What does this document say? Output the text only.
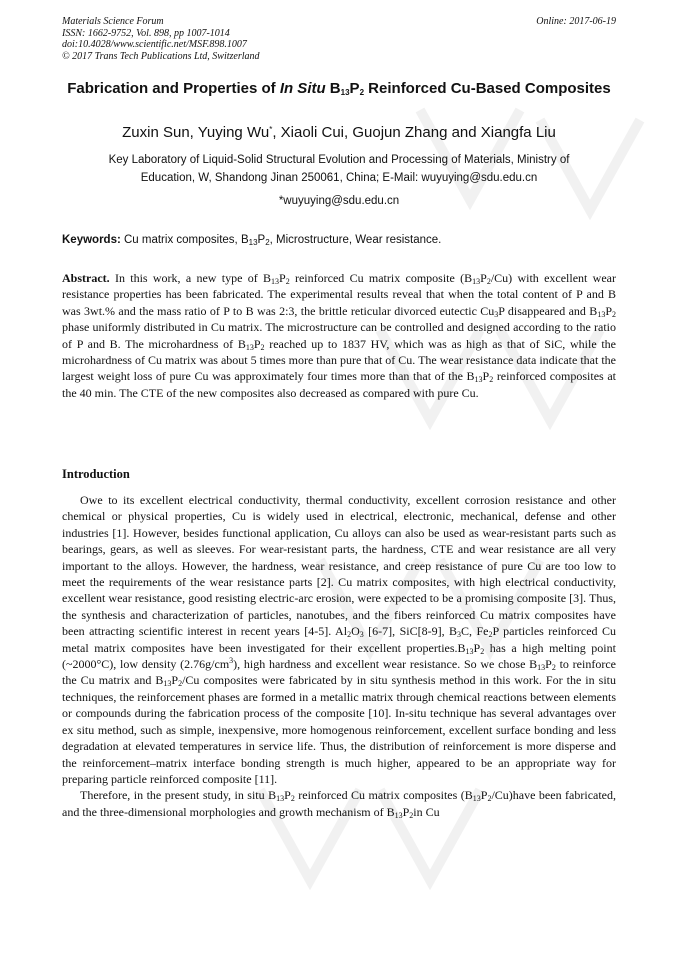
Materials Science Forum
ISSN: 1662-9752, Vol. 898, pp 1007-1014
doi:10.4028/www.scientific.net/MSF.898.1007
© 2017 Trans Tech Publications Ltd, Switzerland
Online: 2017-06-19
Fabrication and Properties of In Situ $B_{13}P_2$ Reinforced Cu-Based Composites
Zuxin Sun, Yuying Wu*, Xiaoli Cui, Guojun Zhang and Xiangfa Liu
Key Laboratory of Liquid-Solid Structural Evolution and Processing of Materials, Ministry of Education, W, Shandong Jinan 250061, China; E-Mail: wuyuying@sdu.edu.cn
*wuyuying@sdu.edu.cn
Keywords: Cu matrix composites, $B_{13}P_2$, Microstructure, Wear resistance.

Abstract. In this work, a new type of $B_{13}P_2$ reinforced Cu matrix composite $(B_{13}P_2/Cu)$ with excellent wear resistance properties has been fabricated. The experimental results reveal that when the total content of P and B was 3wt.% and the mass ratio of P to B was 2:3, the brittle reticular divorced eutectic $Cu_3P$ disappeared and $B_{13}P_2$ phase uniformly distributed in Cu matrix. The microstructure can be controlled and designed according to the ratio of P and B. The microhardness of $B_{13}P_2$ reached up to 1837 HV, which was as high as that of SiC, while the microhardness of Cu matrix was about 5 times more than pure that of Cu. The wear resistance data indicate that the largest weight loss of pure Cu was approximately four times more than that of the $B_{13}P_2$ reinforced composites at the 40 min. The CTE of the new composites also decreased as compared with pure Cu.

Introduction

Owe to its excellent electrical conductivity, thermal conductivity, excellent corrosion resistance and other chemical or physical properties, Cu is widely used in electrical, electronic, mechanical, defense and other industries [1]. However, besides functional application, Cu alloys can also be used as wear-resistant parts such as bearings, gears, as well as sleeves. For wear-resistant parts, the hardness, CTE and wear resistance are all very important to the alloys. However, the hardness, wear resistance, and creep resistance of pure Cu are too low to meet the requirements of the wear resistance parts [2]. Cu matrix composites, with high electrical conductivity, excellent wear resistance, good resisting electric-arc erosion, were expected to be a promising composite [3]. Thus, the synthesis and characterization of particles, nanotubes, and the fibers reinforced Cu matrix composites have been attracting scientific interest in recent years [4-5]. $Al_2O_3$ [6-7], SiC[8-9], $B_3C$, $Fe_2P$ particles reinforced Cu metal matrix composites have been investigated for their excellent $properties.B_{13}P_2$ has a high melting point (~2000°C), low density $(2.76g/cm^3)$, high hardness and excellent wear resistance. So we chose $B_{13}P_2$ to reinforce the Cu matrix and $B_{13}P_2/Cu$ composites were fabricated by in situ synthesis method in this work. For the in situ techniques, the reinforcement phases are formed in a metallic matrix through chemical reactions between elements or compounds during the fabrication process of the composite [10]. In-situ technique has several advantages over ex situ method, such as simple, inexpensive, more homogenous reinforcement, excellent surface bonding and less degradation at elevated temperatures in service life. Thus, the distribution of reinforcement is more disperse and the reinforcement–matrix interface bonding strength is much higher, appeared to be an appropriate way for preparing particle reinforced composite [11].

Therefore, in the present study, in situ $B_{13}P_2$ reinforced Cu matrix composites $(B_{13}P_2/Cu)have$ been fabricated, and the three-dimensional morphologies and growth mechanism of $B_{13}P_2in$ Cu
